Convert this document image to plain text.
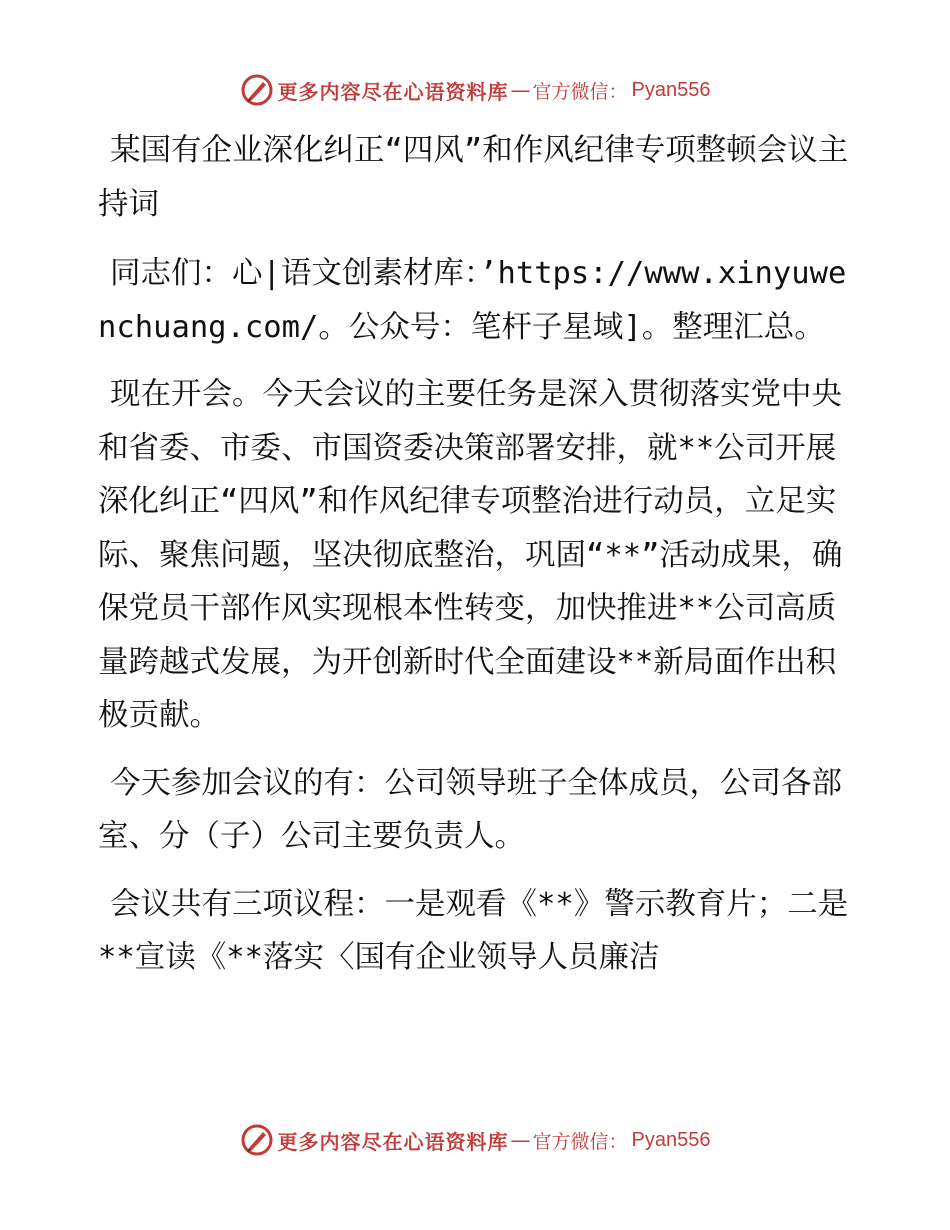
更多内容尽在心语资料库 — 官方微信： Pyan556

某国有企业深化纠正“四风”和作风纪律专项整顿会议主持词

同志们：心|语文创素材库：’https://www.xinyuwenchuang.com/。公众号：笔杆子星域]。整理汇总。

现在开会。今天会议的主要任务是深入贯彻落实党中央和省委、市委、市国资委决策部署安排，就**公司开展深化纠正“四风”和作风纪律专项整治进行动员，立足实际、聚焦问题，坚决彻底整治，巩固“**”活动成果，确保党员干部作风实现根本性转变，加快推进**公司高质量跨越式发展，为开创新时代全面建设**新局面作出积极贡献。

今天参加会议的有：公司领导班子全体成员，公司各部室、分（子）公司主要负责人。

会议共有三项议程：一是观看《**》警示教育片；二是**宣读《**落实〈国有企业领导人员廉洁

更多内容尽在心语资料库 — 官方微信： Pyan556
